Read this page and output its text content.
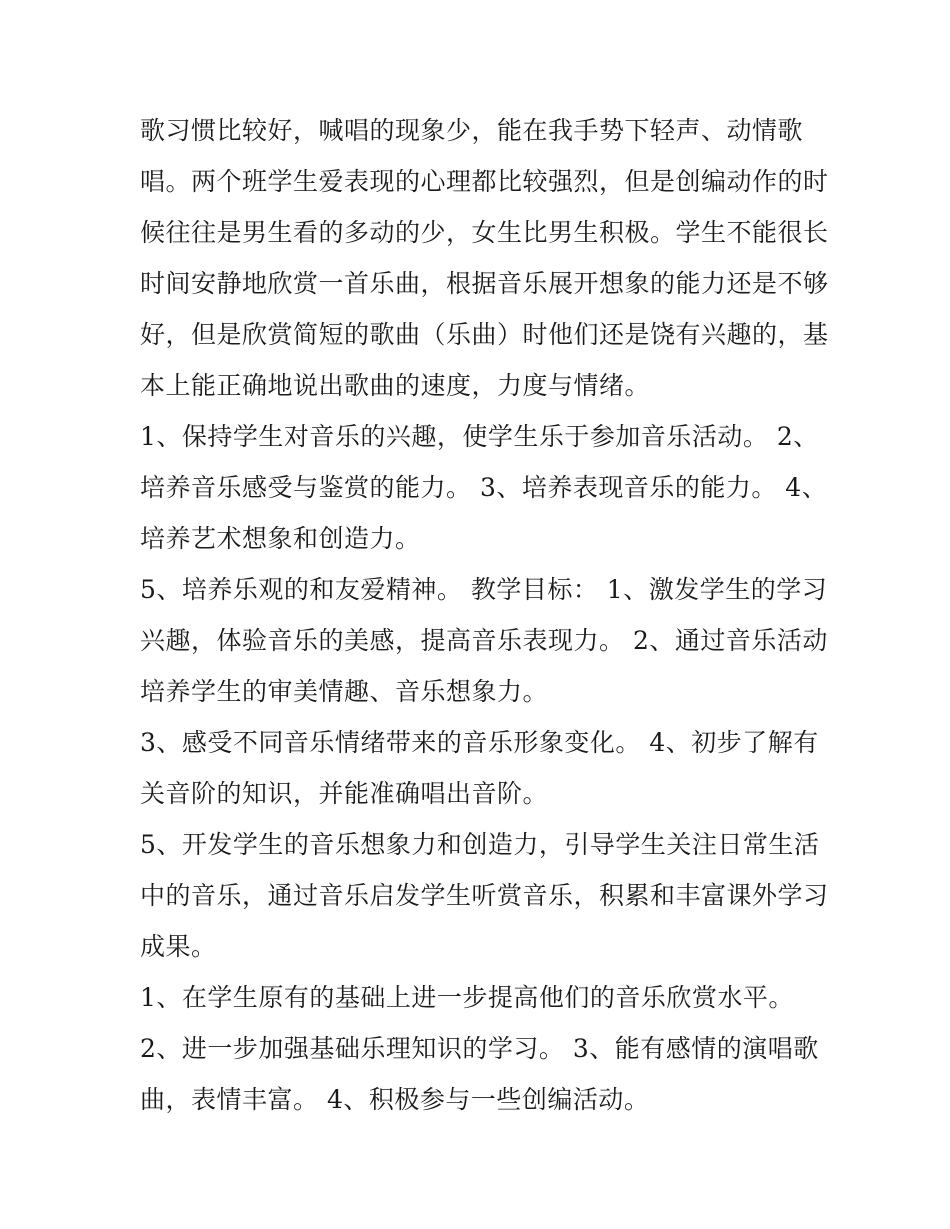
歌习惯比较好，喊唱的现象少，能在我手势下轻声、动情歌
唱。两个班学生爱表现的心理都比较强烈，但是创编动作的时
候往往是男生看的多动的少，女生比男生积极。学生不能很长
时间安静地欣赏一首乐曲，根据音乐展开想象的能力还是不够
好，但是欣赏简短的歌曲（乐曲）时他们还是饶有兴趣的，基
本上能正确地说出歌曲的速度，力度与情绪。

1、保持学生对音乐的兴趣，使学生乐于参加音乐活动。 2、
培养音乐感受与鉴赏的能力。 3、培养表现音乐的能力。 4、
培养艺术想象和创造力。

5、培养乐观的和友爱精神。 教学目标： 1、激发学生的学习
兴趣，体验音乐的美感，提高音乐表现力。 2、通过音乐活动
培养学生的审美情趣、音乐想象力。

3、感受不同音乐情绪带来的音乐形象变化。 4、初步了解有
关音阶的知识，并能准确唱出音阶。

5、开发学生的音乐想象力和创造力，引导学生关注日常生活
中的音乐，通过音乐启发学生听赏音乐，积累和丰富课外学习
成果。

1、在学生原有的基础上进一步提高他们的音乐欣赏水平。

2、进一步加强基础乐理知识的学习。 3、能有感情的演唱歌
曲，表情丰富。 4、积极参与一些创编活动。
